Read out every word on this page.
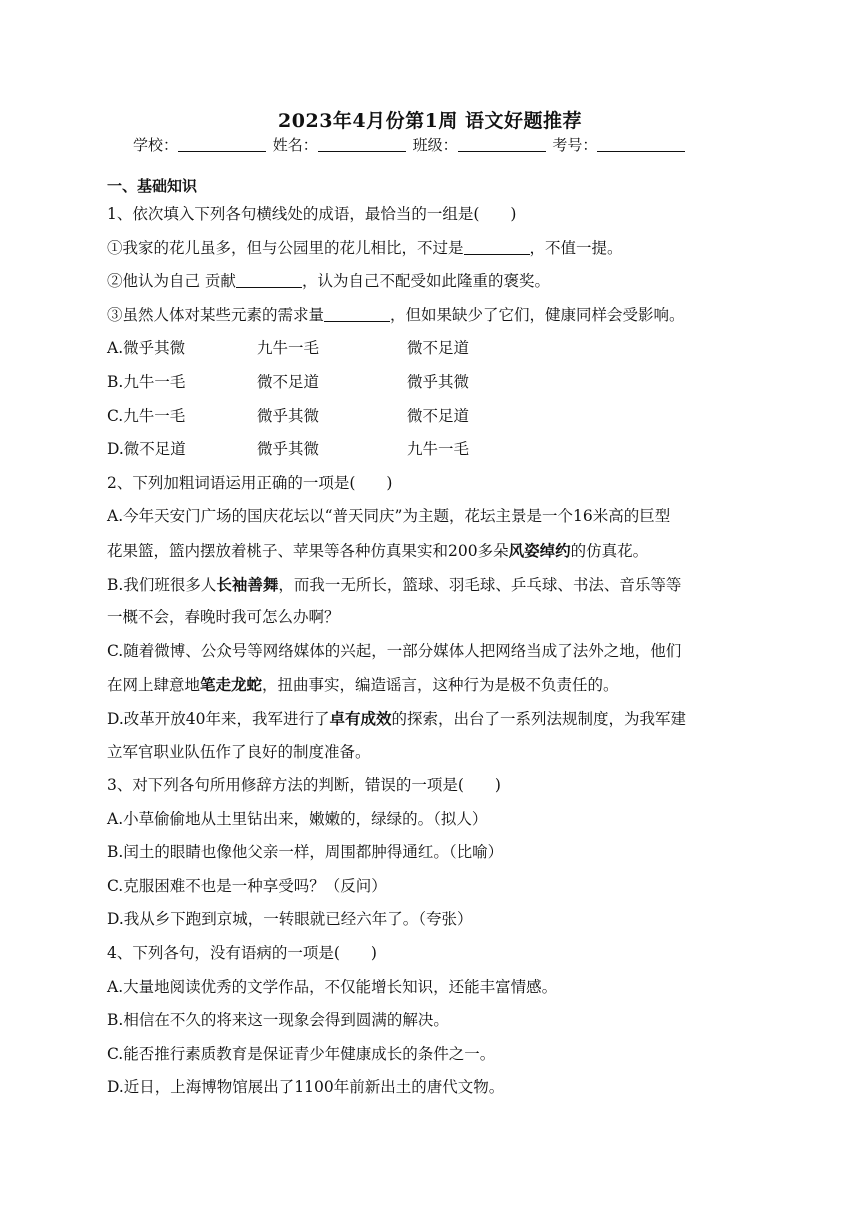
2023年4月份第1周 语文好题推荐
学校：	姓名：	班级：	考号：
一、基础知识
1、依次填入下列各句横线处的成语，最恰当的一组是(　　)
①我家的花儿虽多，但与公园里的花儿相比，不过是	，不值一提。
②他认为自己 贡献	，认为自己不配受如此隆重的褒奖。
③虽然人体对某些元素的需求量	，但如果缺少了它们，健康同样会受影响。
A.微乎其微	九牛一毛	微不足道
B.九牛一毛	微不足道	微乎其微
C.九牛一毛	微乎其微	微不足道
D.微不足道	微乎其微	九牛一毛
2、下列加粗词语运用正确的一项是(　　)
A.今年天安门广场的国庆花坛以“普天同庆”为主题，花坛主景是一个16米高的巨型
花果篮，篮内摆放着桃子、苹果等各种仿真果实和200多朵风姿绰约的仿真花。
B.我们班很多人长袖善舞，而我一无所长，篮球、羽毛球、乒乓球、书法、音乐等等
一概不会，春晚时我可怎么办啊？
C.随着微博、公众号等网络媒体的兴起，一部分媒体人把网络当成了法外之地，他们
在网上肆意地笔走龙蛇，扭曲事实，编造谣言，这种行为是极不负责任的。
D.改革开放40年来，我军进行了卓有成效的探索，出台了一系列法规制度，为我军建
立军官职业队伍作了良好的制度准备。
3、对下列各句所用修辞方法的判断，错误的一项是(　　)
A.小草偷偷地从土里钻出来，嫩嫩的，绿绿的。（拟人）
B.闰土的眼睛也像他父亲一样，周围都肿得通红。（比喻）
C.克服困难不也是一种享受吗？（反问）
D.我从乡下跑到京城，一转眼就已经六年了。（夸张）
4、下列各句，没有语病的一项是(　　)
A.大量地阅读优秀的文学作品，不仅能增长知识，还能丰富情感。
B.相信在不久的将来这一现象会得到圆满的解决。
C.能否推行素质教育是保证青少年健康成长的条件之一。
D.近日，上海博物馆展出了1100年前新出土的唐代文物。
